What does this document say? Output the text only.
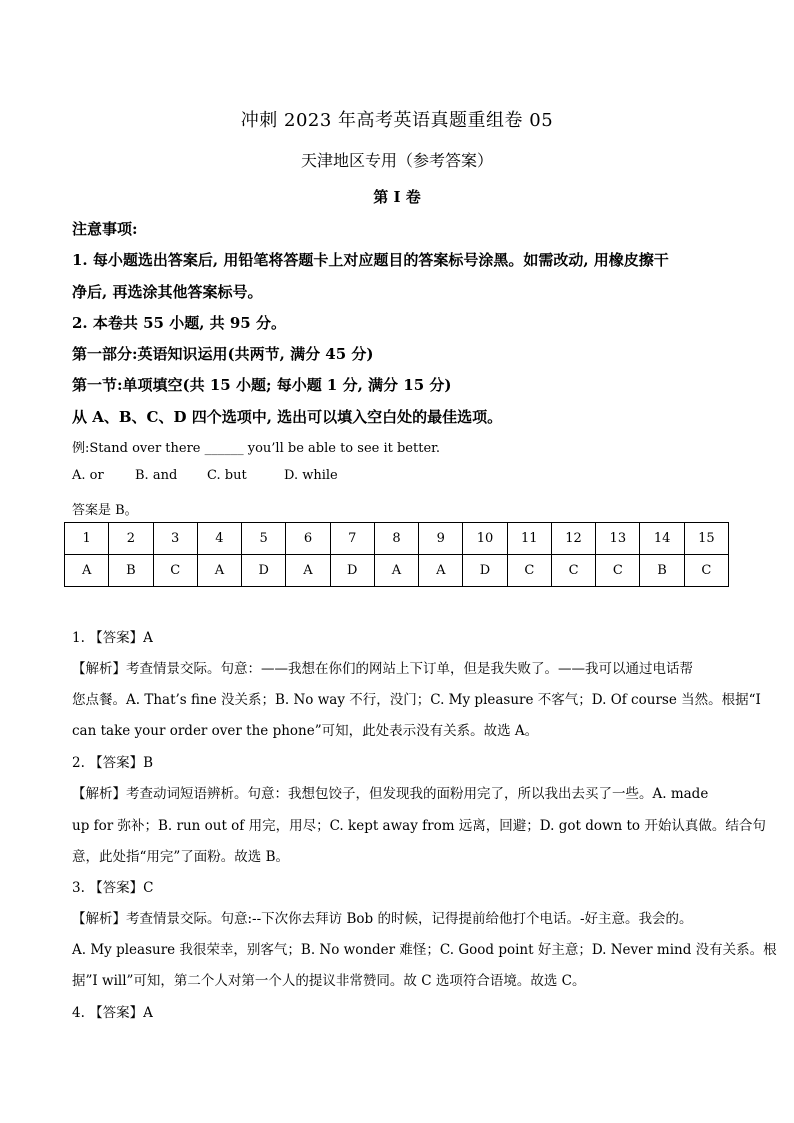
冲刺 2023 年高考英语真题重组卷 05
天津地区专用（参考答案）
第 I 卷
注意事项:
1. 每小题选出答案后, 用铅笔将答题卡上对应题目的答案标号涂黑。如需改动, 用橡皮擦干
净后, 再选涂其他答案标号。
2. 本卷共 55 小题, 共 95 分。
第一部分:英语知识运用(共两节, 满分 45 分)
第一节:单项填空(共 15 小题; 每小题 1 分, 满分 15 分)
从 A、B、C、D 四个选项中, 选出可以填入空白处的最佳选项。
例:Stand over there ______ you’ll be able to see it better.
A. or B. and C. but	D. while
答案是 B。
1	2	3	4	5	6	7	8	9	10	11	12	13	14	15
A	B	C	A	D	A	D	A	A	D	C	C	C	B	C
1. 【答案】A
【解析】考查情景交际。句意：——我想在你们的网站上下订单，但是我失败了。——我可以通过电话帮
您点餐。A. That’s fine 没关系；B. No way 不行，没门；C. My pleasure 不客气；D. Of course 当然。根据“I
can take your order over the phone”可知，此处表示没有关系。故选 A。
2. 【答案】B
【解析】考查动词短语辨析。句意：我想包饺子，但发现我的面粉用完了，所以我出去买了一些。A. made
up for 弥补；B. run out of 用完，用尽；C. kept away from 远离，回避；D. got down to 开始认真做。结合句
意，此处指“用完”了面粉。故选 B。
3. 【答案】C
【解析】考查情景交际。句意:--下次你去拜访 Bob 的时候，记得提前给他打个电话。-好主意。我会的。
A. My pleasure 我很荣幸，别客气；B. No wonder 难怪；C. Good point 好主意；D. Never mind 没有关系。根
据”I will”可知，第二个人对第一个人的提议非常赞同。故 C 选项符合语境。故选 C。
4. 【答案】A
